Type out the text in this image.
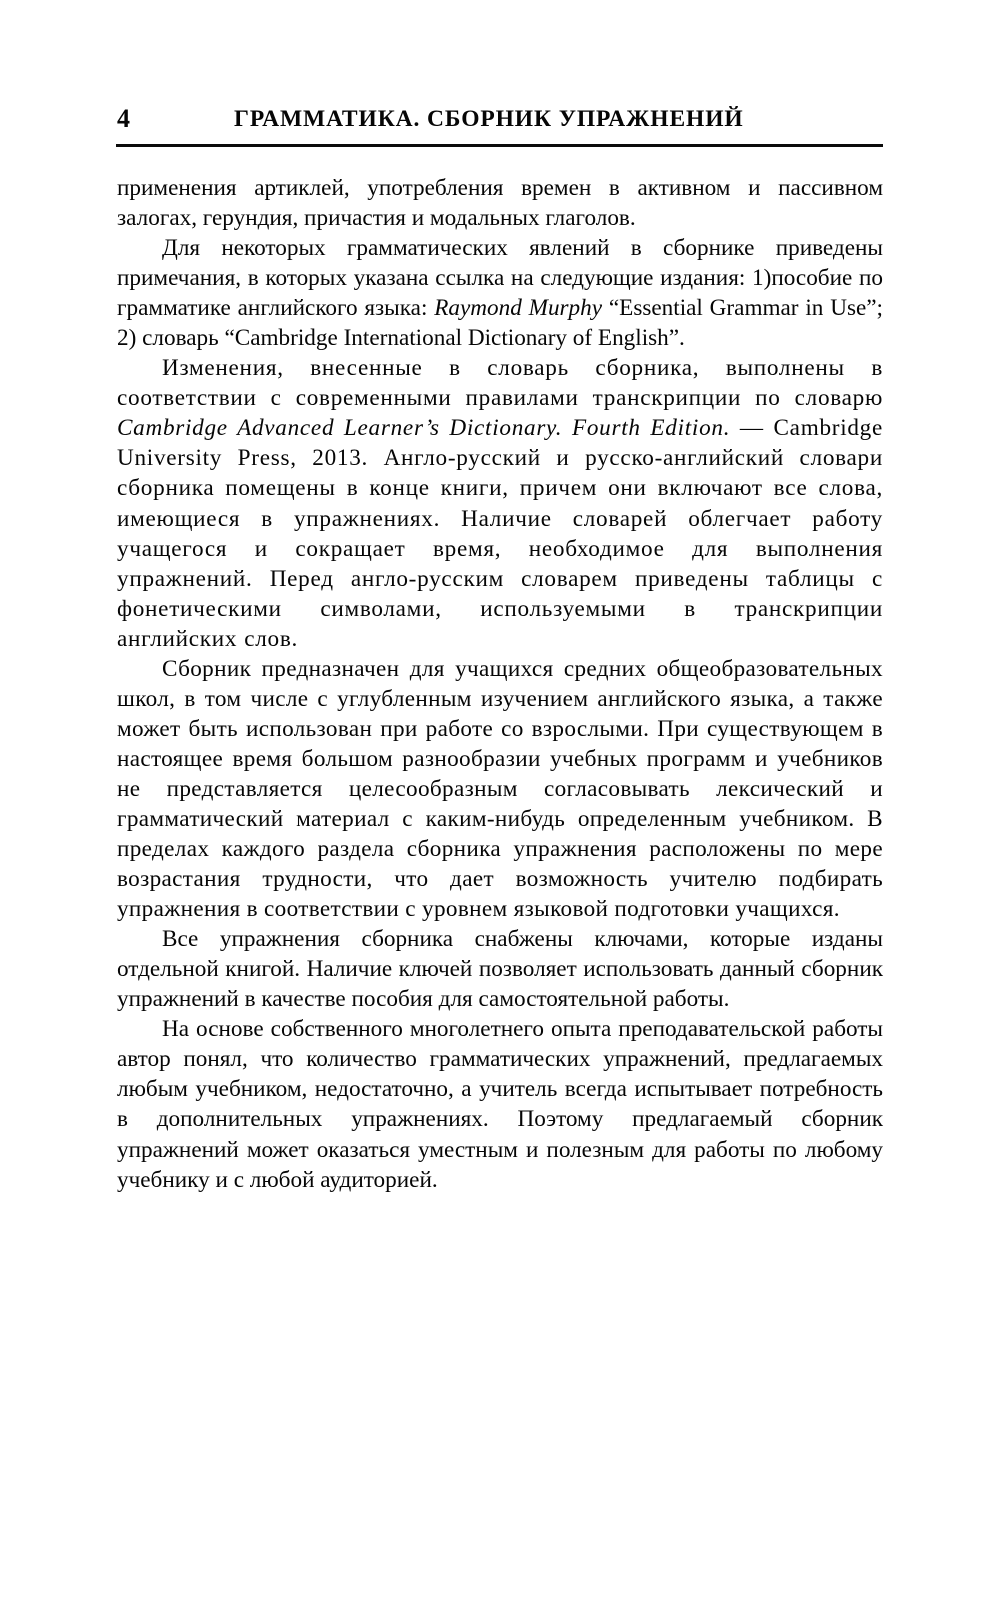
4	ГРАММАТИКА. СБОРНИК УПРАЖНЕНИЙ

применения артиклей, употребления времен в активном и пассивном залогах, герундия, причастия и модальных глаголов.

Для некоторых грамматических явлений в сборнике приведены примечания, в которых указана ссылка на следующие издания: 1)пособие по грамматике английского языка: Raymond Murphy “Essential Grammar in Use”; 2) словарь “Cambridge International Dictionary of English”.

Изменения, внесенные в словарь сборника, выполнены в соответствии с современными правилами транскрипции по словарю Cambridge Advanced Learner’s Dictionary. Fourth Edition. — Cambridge University Press, 2013. Англо-русский и русско-английский словари сборника помещены в конце книги, причем они включают все слова, имеющиеся в упражнениях. Наличие словарей облегчает работу учащегося и сокращает время, необходимое для выполнения упражнений. Перед англо-русским словарем приведены таблицы с фонетическими символами, используемыми в транскрипции английских слов.

Сборник предназначен для учащихся средних общеобразовательных школ, в том числе с углубленным изучением английского языка, а также может быть использован при работе со взрослыми. При существующем в настоящее время большом разнообразии учебных программ и учебников не представляется целесообразным согласовывать лексический и грамматический материал с каким-нибудь определенным учебником. В пределах каждого раздела сборника упражнения расположены по мере возрастания трудности, что дает возможность учителю подбирать упражнения в соответствии с уровнем языковой подготовки учащихся.

Все упражнения сборника снабжены ключами, которые изданы отдельной книгой. Наличие ключей позволяет использовать данный сборник упражнений в качестве пособия для самостоятельной работы.

На основе собственного многолетнего опыта преподавательской работы автор понял, что количество грамматических упражнений, предлагаемых любым учебником, недостаточно, а учитель всегда испытывает потребность в дополнительных упражнениях. Поэтому предлагаемый сборник упражнений может оказаться уместным и полезным для работы по любому учебнику и с любой аудиторией.
